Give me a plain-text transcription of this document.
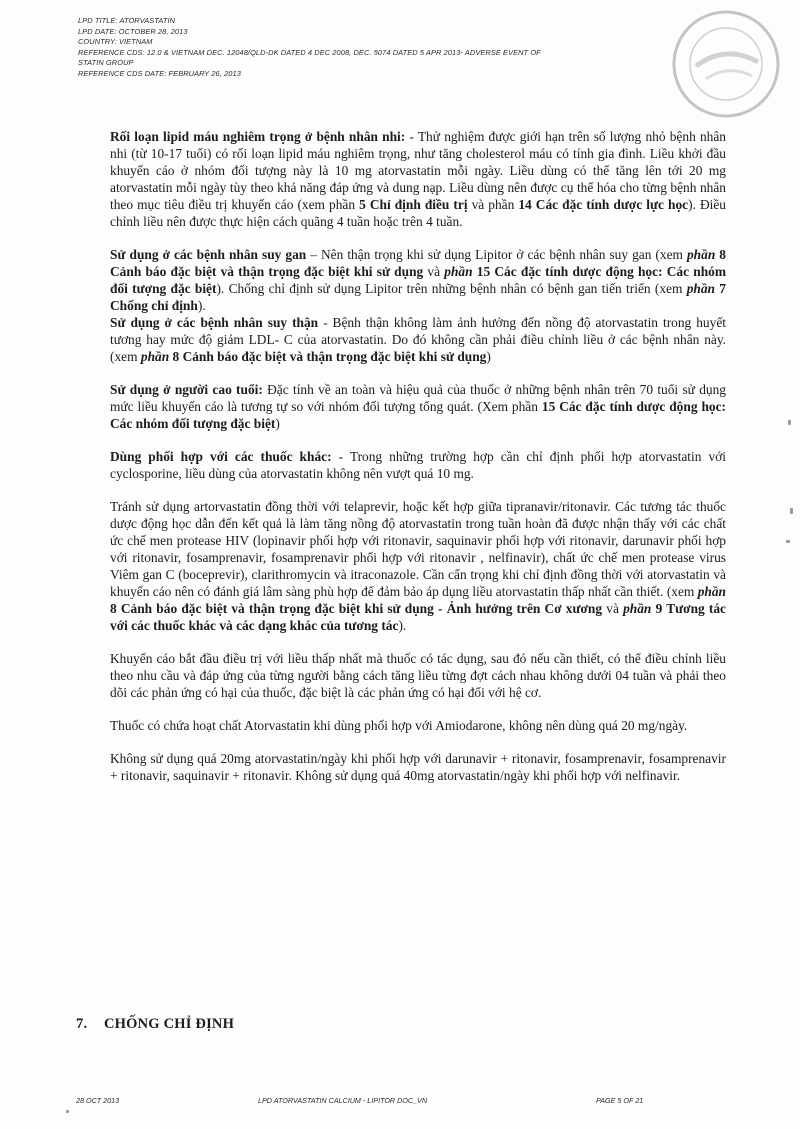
LPD TITLE: ATORVASTATIN
LPD DATE: OCTOBER 28, 2013
COUNTRY: VIETNAM
REFERENCE CDS: 12.0 & VIETNAM DEC. 12048/QLD-DK DATED 4 DEC 2008, DEC. 5074 DATED 5 APR 2013- ADVERSE EVENT OF
STATIN GROUP
REFERENCE CDS DATE: FEBRUARY 26, 2013

Rối loạn lipid máu nghiêm trọng ở bệnh nhân nhi: - Thử nghiệm được giới hạn trên số lượng nhỏ bệnh nhân nhi (từ 10-17 tuổi) có rối loạn lipid máu nghiêm trọng, như tăng cholesterol máu có tính gia đình. Liều khởi đầu khuyến cáo ở nhóm đối tượng này là 10 mg atorvastatin mỗi ngày. Liều dùng có thể tăng lên tới 20 mg atorvastatin mỗi ngày tùy theo khả năng đáp ứng và dung nạp. Liều dùng nên được cụ thể hóa cho từng bệnh nhân theo mục tiêu điều trị khuyến cáo (xem phần 5 Chỉ định điều trị và phần 14 Các đặc tính dược lực học). Điều chỉnh liều nên được thực hiện cách quãng 4 tuần hoặc trên 4 tuần.

Sử dụng ở các bệnh nhân suy gan – Nên thận trọng khi sử dụng Lipitor ở các bệnh nhân suy gan (xem phần 8 Cảnh báo đặc biệt và thận trọng đặc biệt khi sử dụng và phần 15 Các đặc tính dược động học: Các nhóm đối tượng đặc biệt). Chống chỉ định sử dụng Lipitor trên những bệnh nhân có bệnh gan tiến triển (xem phần 7 Chống chỉ định).

Sử dụng ở các bệnh nhân suy thận - Bệnh thận không làm ảnh hưởng đến nồng độ atorvastatin trong huyết tương hay mức độ giảm LDL- C của atorvastatin. Do đó không cần phải điều chỉnh liều ở các bệnh nhân này. (xem phần 8 Cảnh báo đặc biệt và thận trọng đặc biệt khi sử dụng)

Sử dụng ở người cao tuổi: Đặc tính về an toàn và hiệu quả của thuốc ở những bệnh nhân trên 70 tuổi sử dụng mức liều khuyến cáo là tương tự so với nhóm đối tượng tổng quát. (Xem phần 15 Các đặc tính dược động học: Các nhóm đối tượng đặc biệt)

Dùng phối hợp với các thuốc khác: - Trong những trường hợp cần chỉ định phối hợp atorvastatin với cyclosporine, liều dùng của atorvastatin không nên vượt quá 10 mg.

Tránh sử dụng artorvastatin đồng thời với telaprevir, hoặc kết hợp giữa tipranavir/ritonavir. Các tương tác thuốc dược động học dẫn đến kết quả là làm tăng nồng độ atorvastatin trong tuần hoàn đã được nhận thấy với các chất ức chế men protease HIV (lopinavir phối hợp với ritonavir, saquinavir phối hợp với ritonavir, darunavir phối hợp với ritonavir, fosamprenavir, fosamprenavir phối hợp với ritonavir , nelfinavir), chất ức chế men protease virus Viêm gan C (boceprevir), clarithromycin và itraconazole. Cần cẩn trọng khi chỉ định đồng thời với atorvastatin và khuyến cáo nên có đánh giá lâm sàng phù hợp để đảm bảo áp dụng liều atorvastatin thấp nhất cần thiết. (xem phần 8 Cảnh báo đặc biệt và thận trọng đặc biệt khi sử dụng - Ảnh hưởng trên Cơ xương và phần 9 Tương tác với các thuốc khác và các dạng khác của tương tác).

Khuyến cáo bắt đầu điều trị với liều thấp nhất mà thuốc có tác dụng, sau đó nếu cần thiết, có thể điều chỉnh liều theo nhu cầu và đáp ứng của từng người bằng cách tăng liều từng đợt cách nhau không dưới 04 tuần và phải theo dõi các phản ứng có hại của thuốc, đặc biệt là các phản ứng có hại đối với hệ cơ.

Thuốc có chứa hoạt chất Atorvastatin khi dùng phối hợp với Amiodarone, không nên dùng quá 20 mg/ngày.

Không sử dụng quá 20mg atorvastatin/ngày khi phối hợp với darunavir + ritonavir, fosamprenavir, fosamprenavir + ritonavir, saquinavir + ritonavir. Không sử dụng quá 40mg atorvastatin/ngày khi phối hợp với nelfinavir.

7. CHỐNG CHỈ ĐỊNH
28 OCT 2013	LPD ATORVASTATIN CALCIUM - LIPITOR DOC_VN	PAGE 5 OF 21
